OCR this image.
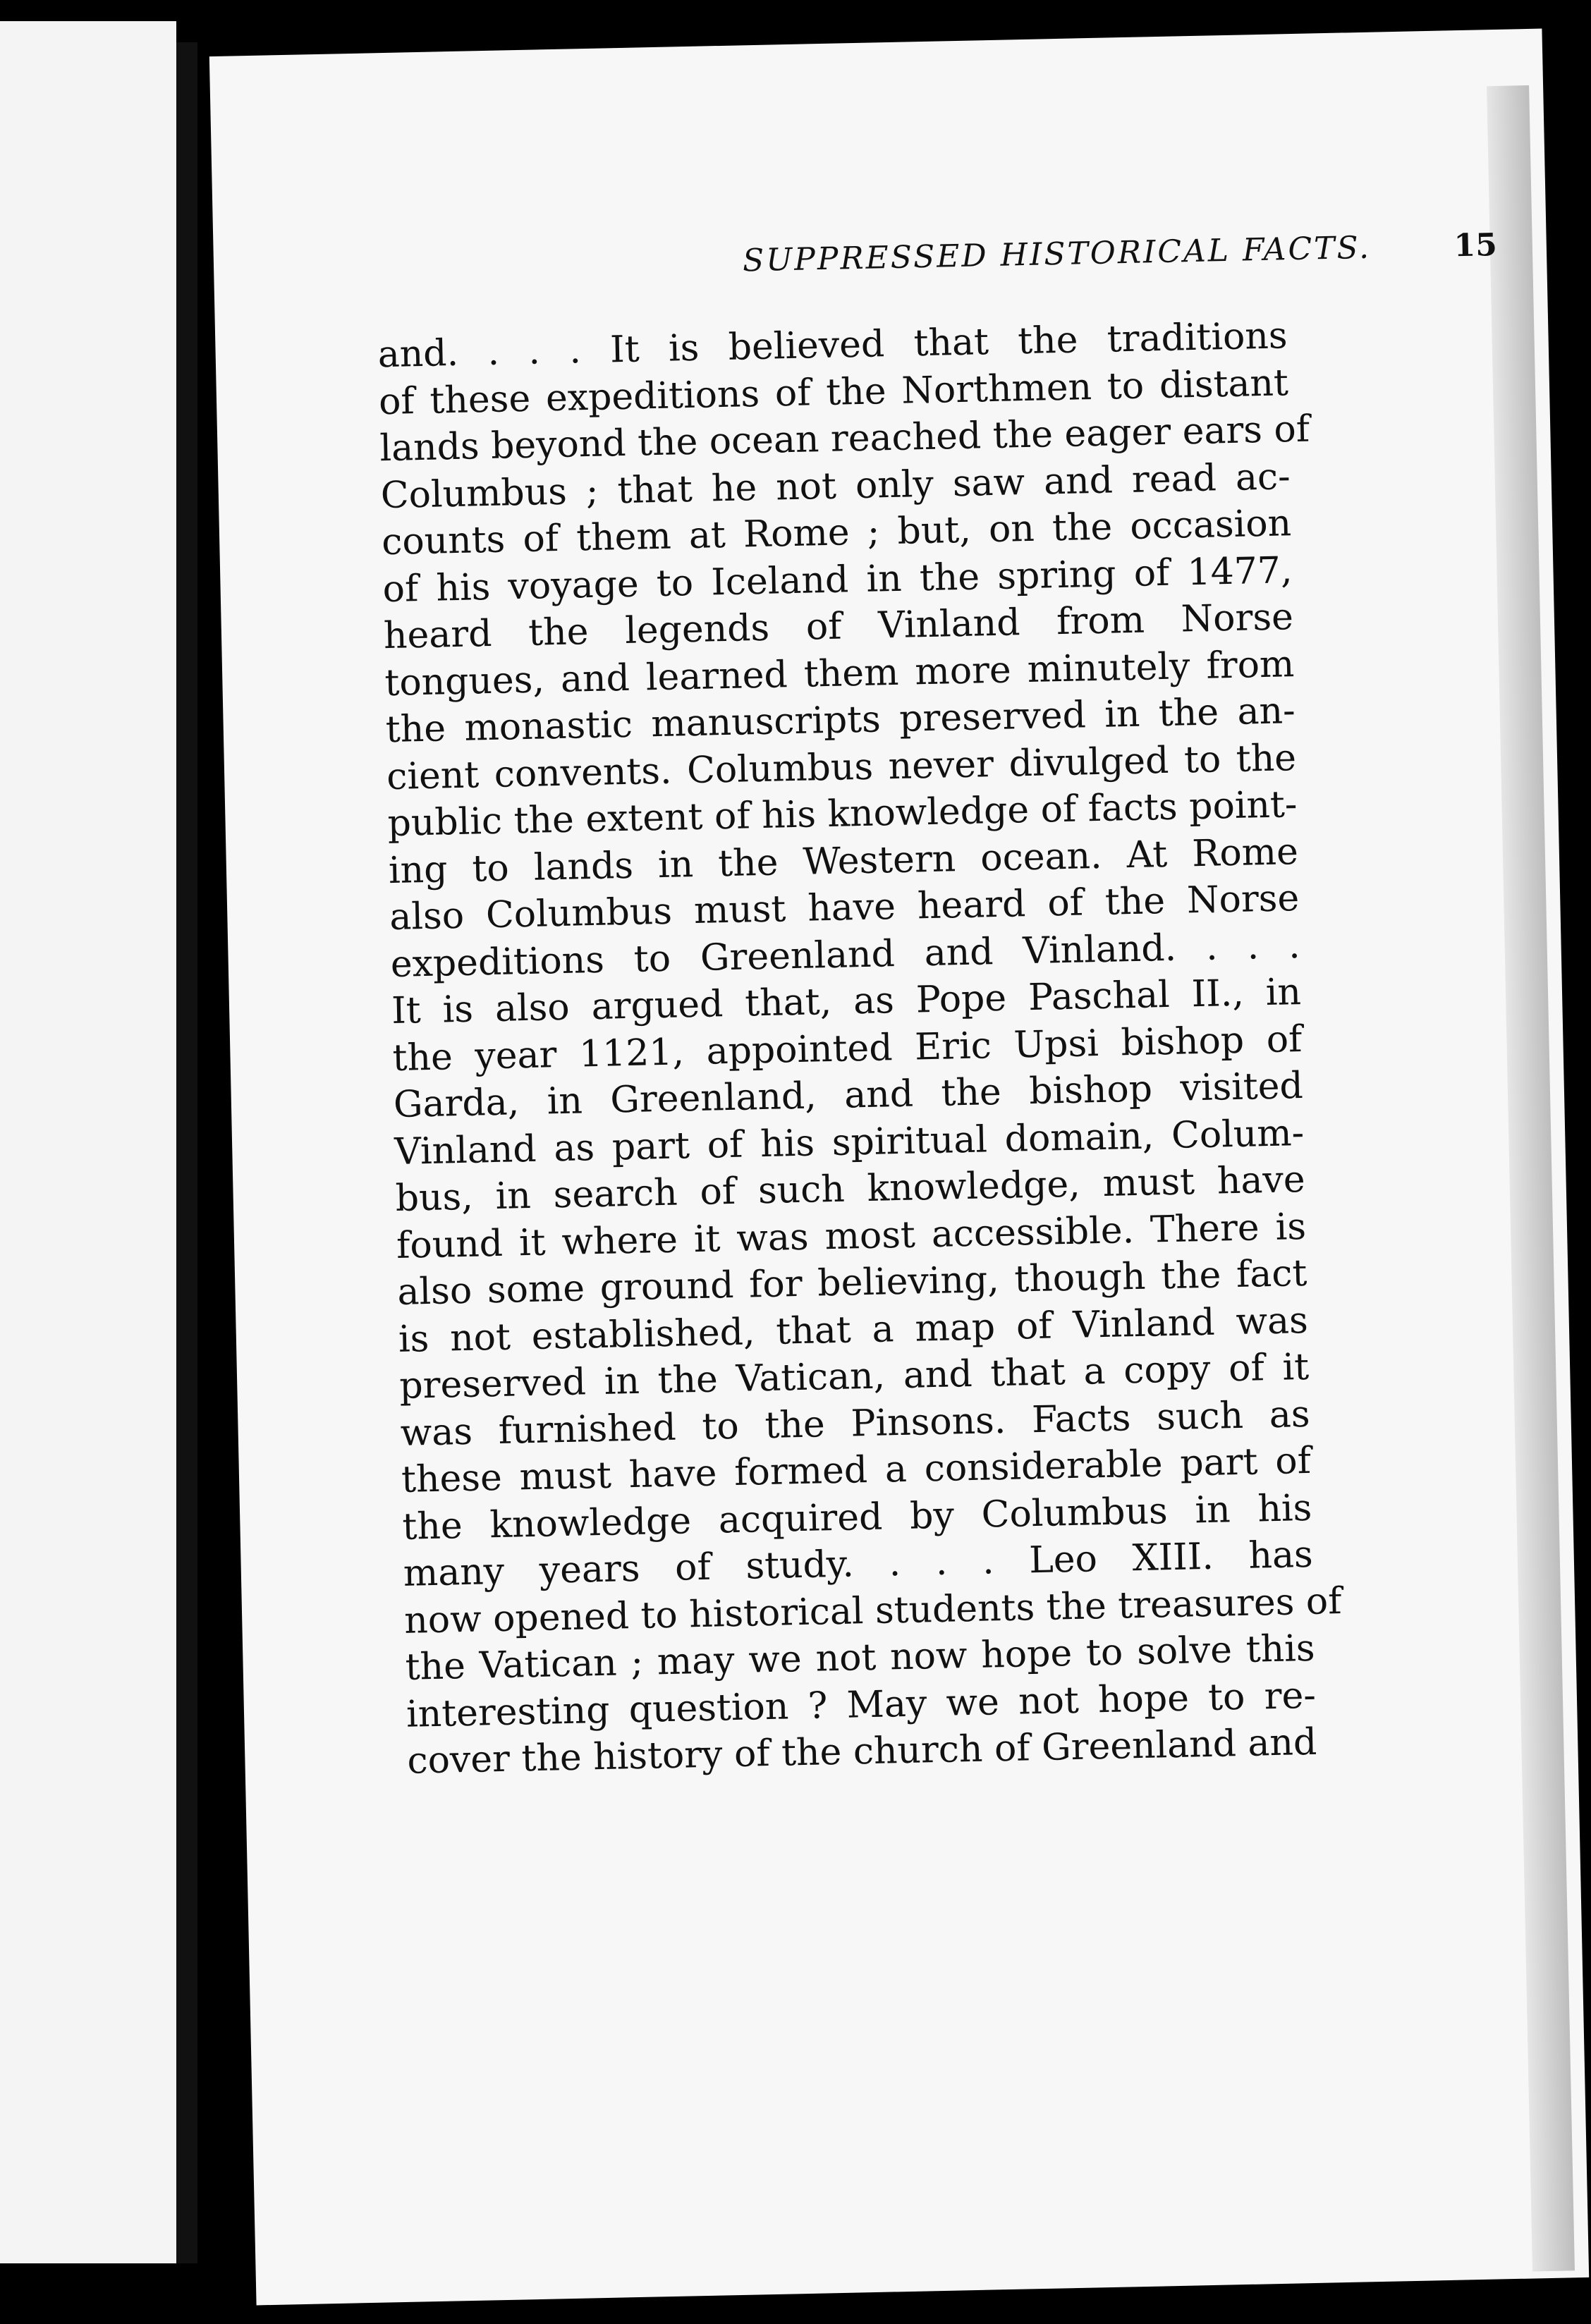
SUPPRESSED HISTORICAL FACTS.	15
and. . . . It is believed that the traditions
of these expeditions of the Northmen to distant
lands beyond the ocean reached the eager ears of
Columbus ; that he not only saw and read ac-
counts of them at Rome ; but, on the occasion
of his voyage to Iceland in the spring of 1477,
heard the legends of Vinland from Norse
tongues, and learned them more minutely from
the monastic manuscripts preserved in the an-
cient convents. Columbus never divulged to the
public the extent of his knowledge of facts point-
ing to lands in the Western ocean. At Rome
also Columbus must have heard of the Norse
expeditions to Greenland and Vinland. . . .
It is also argued that, as Pope Paschal II., in
the year 1121, appointed Eric Upsi bishop of
Garda, in Greenland, and the bishop visited
Vinland as part of his spiritual domain, Colum-
bus, in search of such knowledge, must have
found it where it was most accessible. There is
also some ground for believing, though the fact
is not established, that a map of Vinland was
preserved in the Vatican, and that a copy of it
was furnished to the Pinsons. Facts such as
these must have formed a considerable part of
the knowledge acquired by Columbus in his
many years of study. . . . Leo XIII. has
now opened to historical students the treasures of
the Vatican ; may we not now hope to solve this
interesting question ? May we not hope to re-
cover the history of the church of Greenland and
